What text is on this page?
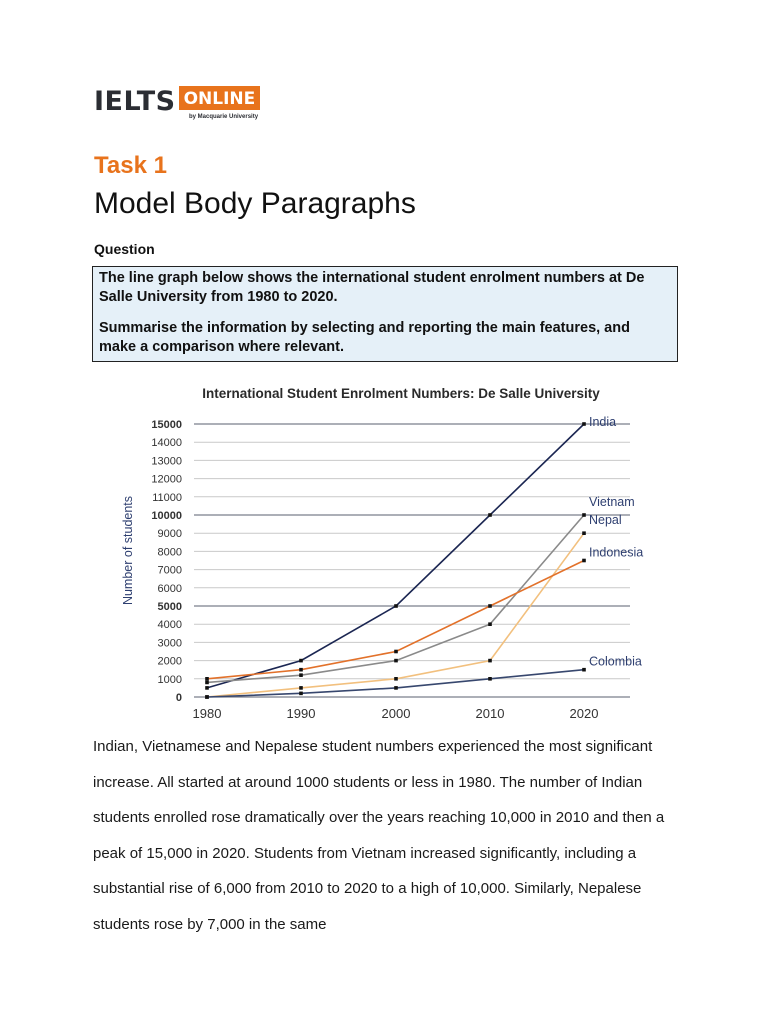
IELTS ONLINE
by Macquarie University
Task 1
Model Body Paragraphs
Question

The line graph below shows the international student enrolment numbers at De Salle University from 1980 to 2020.

Summarise the information by selecting and reporting the main features, and make a comparison where relevant.

International Student Enrolment Numbers: De Salle University
0
1000
2000
3000
4000
5000
6000
7000
8000
9000
10000
11000
12000
13000
14000
15000
Number of students
1980	1990	2000	2010	2020
India
Vietnam
Nepal
Indonesia
Colombia
Indian, Vietnamese and Nepalese student numbers experienced the most significant increase. All started at around 1000 students or less in 1980. The number of Indian students enrolled rose dramatically over the years reaching 10,000 in 2010 and then a peak of 15,000 in 2020. Students from Vietnam increased significantly, including a substantial rise of 6,000 from 2010 to 2020 to a high of 10,000. Similarly, Nepalese students rose by 7,000 in the same
